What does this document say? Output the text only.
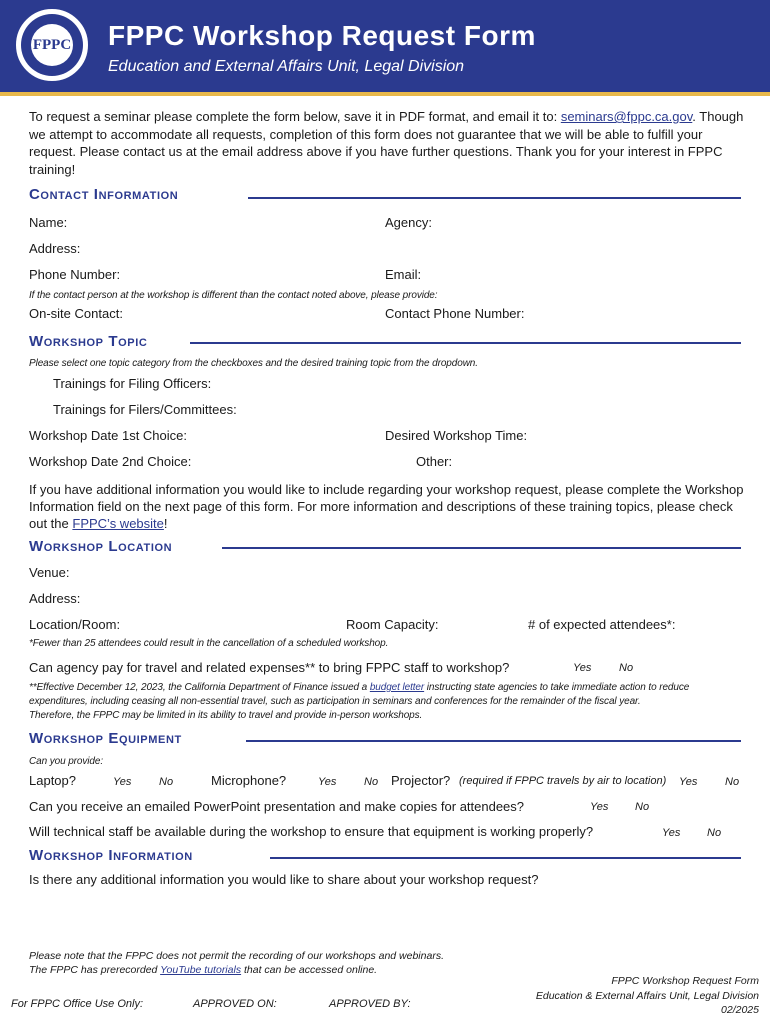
FPPC FPPC Workshop Request Form
Education and External Affairs Unit, Legal Division
To request a seminar please complete the form below, save it in PDF format, and email it to: seminars@fppc.ca.gov. Though we attempt to accommodate all requests, completion of this form does not guarantee that we will be able to fulfill your request. Please contact us at the email address above if you have further questions. Thank you for your interest in FPPC training!
Contact Information
Name:	Agency:
Address:
Phone Number:	Email:
If the contact person at the workshop is different than the contact noted above, please provide:
On-site Contact:	Contact Phone Number:
Workshop Topic
Please select one topic category from the checkboxes and the desired training topic from the dropdown.
Trainings for Filing Officers:
Trainings for Filers/Committees:
Workshop Date 1st Choice:	Desired Workshop Time:
Workshop Date 2nd Choice:	Other:
If you have additional information you would like to include regarding your workshop request, please complete the Workshop Information field on the next page of this form. For more information and descriptions of these training topics, please check out the FPPC’s website!
Workshop Location
Venue:
Address:
Location/Room:	Room Capacity:	# of expected attendees*:
*Fewer than 25 attendees could result in the cancellation of a scheduled workshop.
Can agency pay for travel and related expenses** to bring FPPC staff to workshop?	Yes	No
**Effective December 12, 2023, the California Department of Finance issued a budget letter instructing state agencies to take immediate action to reduce
expenditures, including ceasing all non-essential travel, such as participation in seminars and conferences for the remainder of the fiscal year.
Therefore, the FPPC may be limited in its ability to travel and provide in-person workshops.
Workshop Equipment
Can you provide:
Laptop?	Yes	No	Microphone?	Yes	No Projector? (required if FPPC travels by air to location) Yes	No
Can you receive an emailed PowerPoint presentation and make copies for attendees?	Yes No
Will technical staff be available during the workshop to ensure that equipment is working properly?	Yes No
Workshop Information
Is there any additional information you would like to share about your workshop request?
Please note that the FPPC does not permit the recording of our workshops and webinars.
The FPPC has prerecorded YouTube tutorials that can be accessed online.
For FPPC Office Use Only:	APPROVED ON:	APPROVED BY:
FPPC Workshop Request Form
Education & External Affairs Unit, Legal Division
02/2025
